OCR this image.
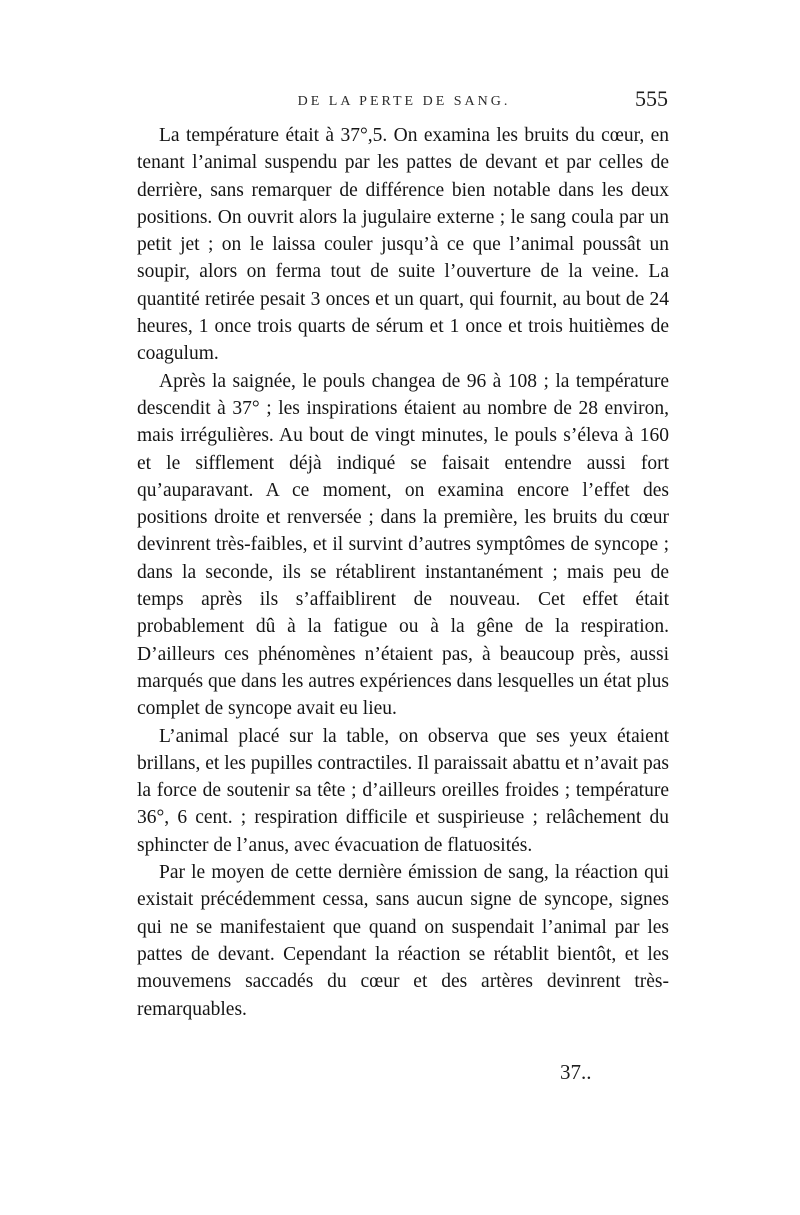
DE LA PERTE DE SANG.	555

La température était à 37°,5. On examina les bruits du cœur, en tenant l’animal suspendu par les pattes de devant et par celles de derrière, sans remarquer de différence bien notable dans les deux positions. On ouvrit alors la jugulaire externe ; le sang coula par un petit jet ; on le laissa couler jusqu’à ce que l’animal poussât un soupir, alors on ferma tout de suite l’ouverture de la veine. La quantité retirée pesait 3 onces et un quart, qui fournit, au bout de 24 heures, 1 once trois quarts de sérum et 1 once et trois huitièmes de coagulum.

Après la saignée, le pouls changea de 96 à 108 ; la température descendit à 37° ; les inspirations étaient au nombre de 28 environ, mais irrégulières. Au bout de vingt minutes, le pouls s’éleva à 160 et le sifflement déjà indiqué se faisait entendre aussi fort qu’auparavant. A ce moment, on examina encore l’effet des positions droite et renversée ; dans la première, les bruits du cœur devinrent très-faibles, et il survint d’autres symptômes de syncope ; dans la seconde, ils se rétablirent instantanément ; mais peu de temps après ils s’affaiblirent de nouveau. Cet effet était probablement dû à la fatigue ou à la gêne de la respiration. D’ailleurs ces phénomènes n’étaient pas, à beaucoup près, aussi marqués que dans les autres expériences dans lesquelles un état plus complet de syncope avait eu lieu.

L’animal placé sur la table, on observa que ses yeux étaient brillans, et les pupilles contractiles. Il paraissait abattu et n’avait pas la force de soutenir sa tête ; d’ailleurs oreilles froides ; température 36°, 6 cent. ; respiration difficile et suspirieuse ; relâchement du sphincter de l’anus, avec évacuation de flatuosités.

Par le moyen de cette dernière émission de sang, la réaction qui existait précédemment cessa, sans aucun signe de syncope, signes qui ne se manifestaient que quand on suspendait l’animal par les pattes de devant. Cependant la réaction se rétablit bientôt, et les mouvemens saccadés du cœur et des artères devinrent très-remarquables.

37..
